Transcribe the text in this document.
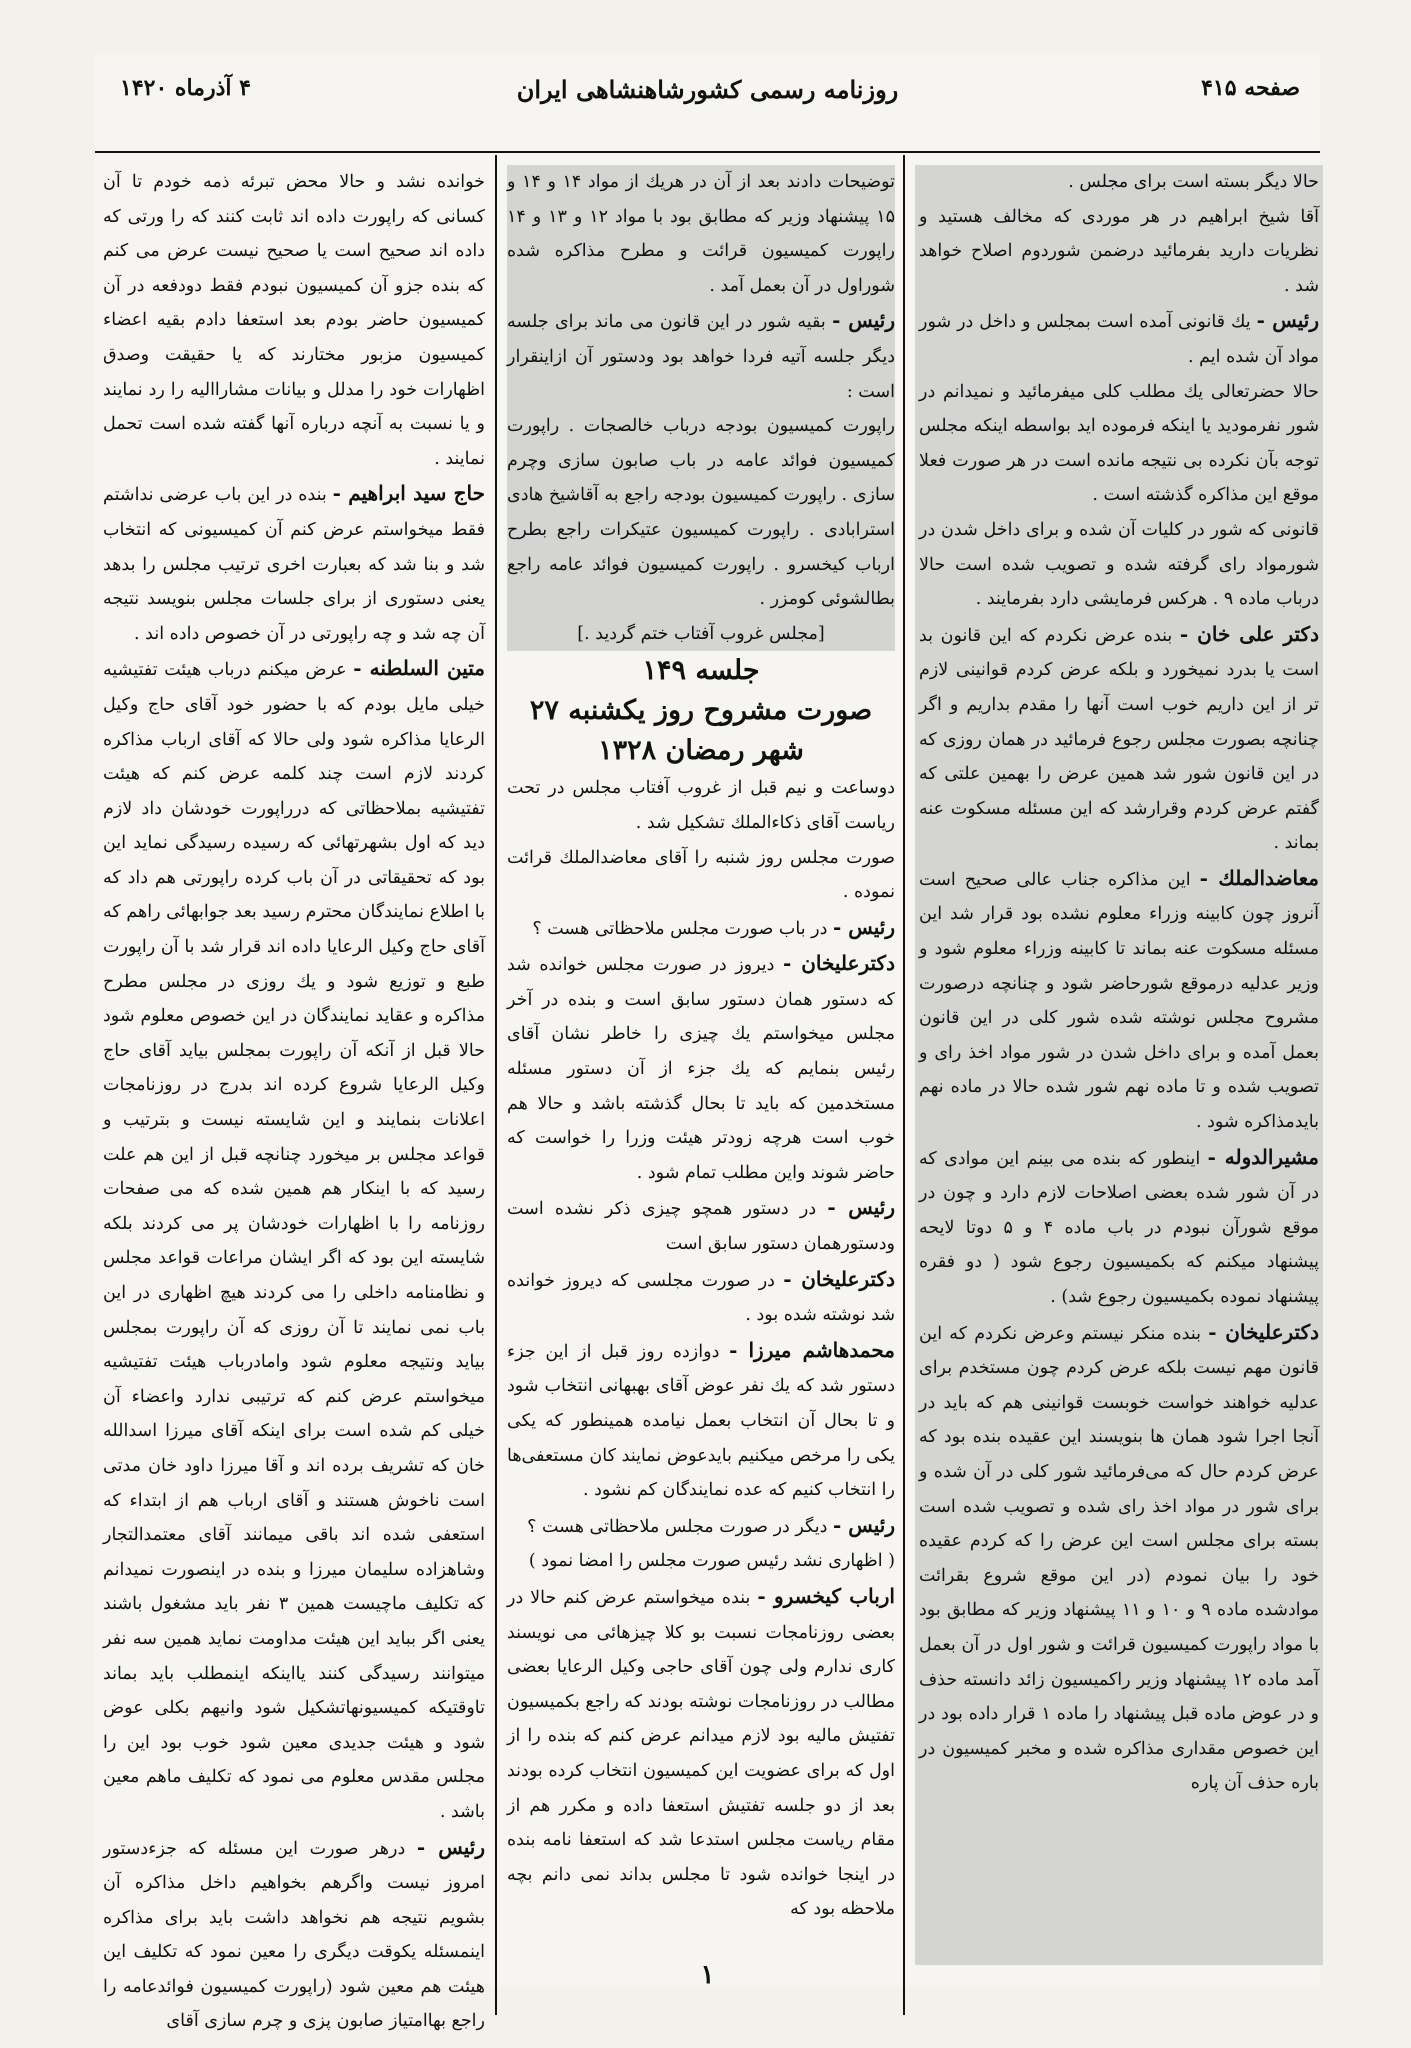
صفحه ۴۱۵
روزنامه رسمی کشورشاهنشاهی ایران
۴ آذرماه ۱۴۲۰

حالا دیگر بسته است برای مجلس .

آقا شیخ ابراهیم در هر موردی که مخالف هستید و نظریات دارید بفرمائید درضمن شوردوم اصلاح خواهد شد .

رئیس - یك قانونی آمده است بمجلس و داخل در شور مواد آن شده ایم .

حالا حضرتعالی یك مطلب کلی میفرمائید و نمیدانم در شور نفرمودید یا اینکه فرموده اید بواسطه اینکه مجلس توجه بآن نکرده بی نتیجه مانده است در هر صورت فعلا موقع این مذاکره گذشته است .

قانونی که شور در کلیات آن شده و برای داخل شدن در شورمواد رای گرفته شده و تصویب شده است حالا درباب ماده ۹ . هرکس فرمایشی دارد بفرمایند .

دکتر علی خان - بنده عرض نکردم که این قانون بد است یا بدرد نمیخورد و بلکه عرض کردم قوانینی لازم تر از این داریم خوب است آنها را مقدم بداریم و اگر چنانچه بصورت مجلس رجوع فرمائید در همان روزی که در این قانون شور شد همین عرض را بهمین علتی که گفتم عرض کردم وقرارشد که این مسئله مسکوت عنه بماند .

معاضدالملك - این مذاکره جناب عالی صحیح است آنروز چون کابینه وزراء معلوم نشده بود قرار شد این مسئله مسکوت عنه بماند تا کابینه وزراء معلوم شود و وزیر عدلیه درموقع شورحاضر شود و چنانچه درصورت مشروح مجلس نوشته شده شور کلی در این قانون بعمل آمده و برای داخل شدن در شور مواد اخذ رای و تصویب شده و تا ماده نهم شور شده حالا در ماده نهم بایدمذاکره شود .

مشیرالدوله - اینطور که بنده می بینم این موادی که در آن شور شده بعضی اصلاحات لازم دارد و چون در موقع شورآن نبودم در باب ماده ۴ و ۵ دوتا لایحه پیشنهاد میکنم که بکمیسیون رجوع شود ( دو فقره پیشنهاد نموده بکمیسیون رجوع شد) .

دکترعلیخان - بنده منکر نیستم وعرض نکردم که این قانون مهم نیست بلکه عرض کردم چون مستخدم برای عدلیه خواهند خواست خوبست قوانینی هم که باید در آنجا اجرا شود همان ها بنویسند این عقیده بنده بود که عرض کردم حال که می‌فرمائید شور کلی در آن شده و برای شور در مواد اخذ رای شده و تصویب شده است بسته برای مجلس است این عرض را که کردم عقیده خود را بیان نمودم (در این موقع شروع بقرائت موادشده ماده ۹ و ۱۰ و ۱۱ پیشنهاد وزیر که مطابق بود با مواد راپورت کمیسیون قرائت و شور اول در آن بعمل آمد ماده ۱۲ پیشنهاد وزیر راکمیسیون زائد دانسته حذف و در عوض ماده قبل پیشنهاد را ماده ۱ قرار داده بود در این خصوص مقداری مذاکره شده و مخبر کمیسیون در باره حذف آن پاره

توضیحات دادند بعد از آن در هریك از مواد ۱۴ و ۱۴ و ۱۵ پیشنهاد وزیر که مطابق بود با مواد ۱۲ و ۱۳ و ۱۴ راپورت کمیسیون قرائت و مطرح مذاکره شده شوراول در آن بعمل آمد .

رئیس - بقیه شور در این قانون می ماند برای جلسه دیگر جلسه آتیه فردا خواهد بود ودستور آن ازاینقرار است :

راپورت کمیسیون بودجه درباب خالصجات . راپورت کمیسیون فوائد عامه در باب صابون سازی وچرم سازی . راپورت کمیسیون بودجه راجع به آقاشیخ هادی استرابادی . راپورت کمیسیون عتیکرات راجع بطرح ارباب کیخسرو . راپورت کمیسیون فوائد عامه راجع بطالشوئی کومزر .

[مجلس غروب آفتاب ختم گردید .]

جلسه ۱۴۹

صورت مشروح روز یکشنبه ۲۷

شهر رمضان ۱۳۲۸

دوساعت و نیم قبل از غروب آفتاب مجلس در تحت ریاست آقای ذکاءالملك تشکیل شد .

صورت مجلس روز شنبه را آقای معاضدالملك قرائت نموده .

رئیس - در باب صورت مجلس ملاحظاتی هست ؟

دکترعلیخان - دیروز در صورت مجلس خوانده شد که دستور همان دستور سابق است و بنده در آخر مجلس میخواستم یك چیزی را خاطر نشان آقای رئیس بنمایم که یك جزء از آن دستور مسئله مستخدمین که باید تا بحال گذشته باشد و حالا هم خوب است هرچه زودتر هیئت وزرا را خواست که حاضر شوند واین مطلب تمام شود .

رئیس - در دستور همچو چیزی ذکر نشده است ودستورهمان دستور سابق است

دکترعلیخان - در صورت مجلسی که دیروز خوانده شد نوشته شده بود .

محمدهاشم میرزا - دوازده روز قبل از این جزء دستور شد که یك نفر عوض آقای بهبهانی انتخاب شود و تا بحال آن انتخاب بعمل نیامده همینطور که یکی یکی را مرخص میکنیم بایدعوض نمایند کان مستعفی‌ها را انتخاب کنیم که عده نمایندگان کم نشود .

رئیس - دیگر در صورت مجلس ملاحظاتی هست ؟

( اظهاری نشد رئیس صورت مجلس را امضا نمود )

ارباب کیخسرو - بنده میخواستم عرض کنم حالا در بعضی روزنامجات نسبت بو کلا چیزهائی می نویسند کاری ندارم ولی چون آقای حاجی وکیل الرعایا بعضی مطالب در روزنامجات نوشته بودند که راجع بکمیسیون تفتیش مالیه بود لازم میدانم عرض کنم که بنده را از اول که برای عضویت این کمیسیون انتخاب کرده بودند بعد از دو جلسه تفتیش استعفا داده و مکرر هم از مقام ریاست مجلس استدعا شد که استعفا نامه بنده در اینجا خوانده شود تا مجلس بداند نمی دانم بچه ملاحظه بود که

خوانده نشد و حالا محض تبرئه ذمه خودم تا آن کسانی که راپورت داده اند ثابت کنند که را ورتی که داده اند صحیح است یا صحیح نیست عرض می کنم که بنده جزو آن کمیسیون نبودم فقط دودفعه در آن کمیسیون حاضر بودم بعد استعفا دادم بقیه اعضاء کمیسیون مزبور مختارند که یا حقیقت وصدق اظهارات خود را مدلل و بیانات مشاراالیه را رد نمایند و یا نسبت به آنچه درباره آنها گفته شده است تحمل نمایند .

حاج سید ابراهیم - بنده در این باب عرضی نداشتم فقط میخواستم عرض کنم آن کمیسیونی که انتخاب شد و بنا شد که بعبارت اخری ترتیب مجلس را بدهد یعنی دستوری از برای جلسات مجلس بنویسد نتیجه آن چه شد و چه راپورتی در آن خصوص داده اند .

متین السلطنه - عرض میکنم درباب هیئت تفتیشیه خیلی مایل بودم که با حضور خود آقای حاج وکیل الرعایا مذاکره شود ولی حالا که آقای ارباب مذاکره کردند لازم است چند کلمه عرض کنم که هیئت تفتیشیه بملاحظاتی که درراپورت خودشان داد لازم دید که اول بشهرتهائی که رسیده رسیدگی نماید این بود که تحقیقاتی در آن باب کرده راپورتی هم داد که با اطلاع نمایندگان محترم رسید بعد جوابهائی راهم که آقای حاج وکیل الرعایا داده اند قرار شد با آن راپورت طبع و توزیع شود و یك روزی در مجلس مطرح مذاکره و عقاید نمایندگان در این خصوص معلوم شود حالا قبل از آنکه آن راپورت بمجلس بیاید آقای حاج وکیل الرعایا شروع کرده اند بدرج در روزنامجات اعلانات بنمایند و این شایسته نیست و بترتیب و قواعد مجلس بر میخورد چنانچه قبل از این هم علت رسید که با اینکار هم همین شده که می صفحات روزنامه را با اظهارات خودشان پر می کردند بلکه شایسته این بود که اگر ایشان مراعات قواعد مجلس و نظامنامه داخلی را می کردند هیچ اظهاری در این باب نمی نمایند تا آن روزی که آن راپورت بمجلس بیاید ونتیجه معلوم شود وامادرباب هیئت تفتیشیه میخواستم عرض کنم که ترتیبی ندارد واعضاء آن خیلی کم شده است برای اینکه آقای میرزا اسدالله خان که تشریف برده اند و آقا میرزا داود خان مدتی است ناخوش هستند و آقای ارباب هم از ابتداء که استعفی شده اند باقی میمانند آقای معتمدالتجار وشاهزاده سلیمان میرزا و بنده در اینصورت نمیدانم که تکلیف ماچیست همین ۳ نفر باید مشغول باشند یعنی اگر بباید این هیئت مداومت نماید همین سه نفر میتوانند رسیدگی کنند یااینکه اینمطلب باید بماند تاوقتیکه کمیسیونهاتشکیل شود وانیهم بکلی عوض شود و هیئت جدیدی معین شود خوب بود این را مجلس مقدس معلوم می نمود که تکلیف ماهم معین باشد .

رئیس - درهر صورت این مسئله که جزءدستور امروز نیست واگرهم بخواهیم داخل مذاکره آن بشویم نتیجه هم نخواهد داشت باید برای مذاکره اینمسئله یکوقت دیگری را معین نمود که تکلیف این هیئت هم معین شود (راپورت کمیسیون فوائدعامه را راجع بهاامتیاز صابون پزی و چرم سازی آقای

۱
